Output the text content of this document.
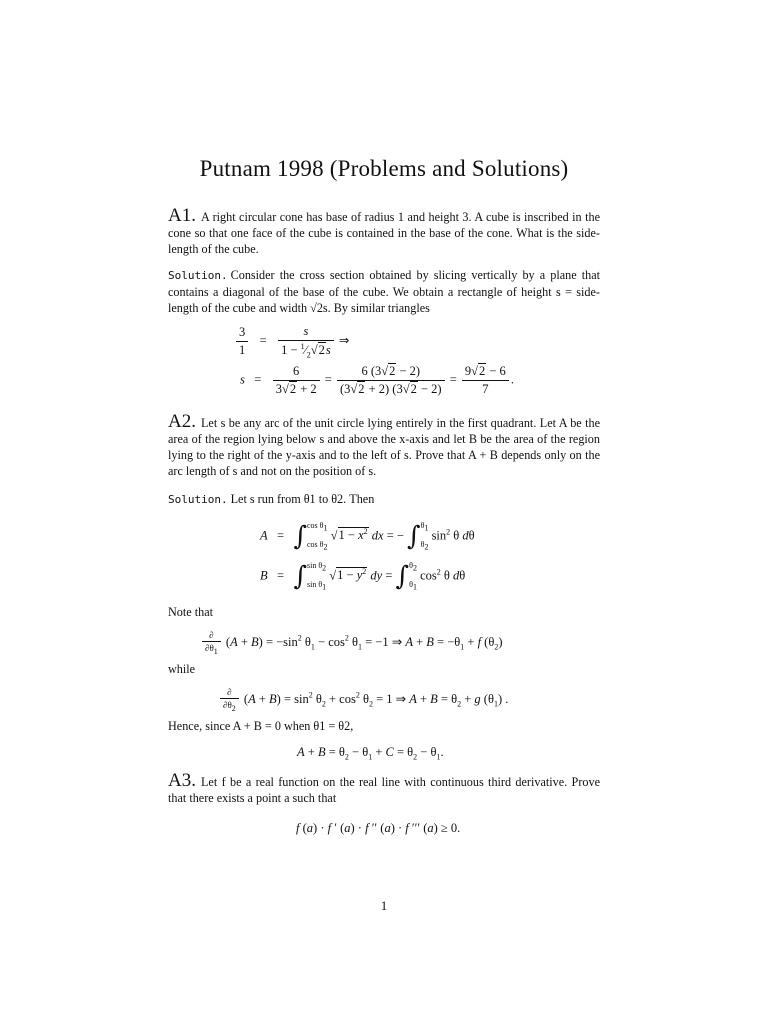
Putnam 1998 (Problems and Solutions)
A1. A right circular cone has base of radius 1 and height 3. A cube is inscribed in the cone so that one face of the cube is contained in the base of the cone. What is the side-length of the cube.
Solution. Consider the cross section obtained by slicing vertically by a plane that contains a diagonal of the base of the cube. We obtain a rectangle of height s = side-length of the cube and width √2s. By similar triangles
$\frac{3}{1} = \frac{s}{1 - ^1⁄_2√2s}$ ⇒
$s = \frac{6}{3√2 + 2} = \frac{6 (3√2 - 2)}{(3√2 + 2) (3√2 - 2)} = \frac{9√2 - 6}{7}$ .
A2. Let s be any arc of the unit circle lying entirely in the first quadrant. Let A be the area of the region lying below s and above the x-axis and let B be the area of the region lying to the right of the y-axis and to the left of s. Prove that A + B depends only on the arc length of s and not on the position of s.
Solution. Let s run from θ1 to θ2. Then
A   =   ∫ $\cos \theta_1$
$\cos \theta_2$
$√1 - x^2$ dx = − ∫ $\theta_1$
$\theta_2$
$\sin^2 \theta$ dθ
B   =   ∫ $\sin \theta_2$
$\sin \theta_1$
$√1 - y^2$ dy = ∫ $\theta_2$
$\theta_1$
$\cos^2 \theta$ dθ
Note that
$\frac{\partial}{\partial\theta_1} (A + B) = -\sin^2$ $\theta_1 - \cos^2 \theta_1 = -1$ ⇒ $A + B = -\theta_1 + f$ $(\theta_2)$
while
$\frac{\partial}{\partial\theta_2} (A + B) = \sin^2 \theta_2 + \cos^2 \theta_2 = 1$ ⇒ $A + B = \theta_2 + g$ $(\theta_1)$ .
Hence, since A + B = 0 when θ1 = θ2,
$A + B = \theta_2 - \theta_1 + C = \theta_2 - \theta_1$.
A3. Let f be a real function on the real line with continuous third derivative. Prove that there exists a point a such that
f (a) · f ′ (a) · f ′′ (a) · f ′′′ (a) ≥ 0.
1
